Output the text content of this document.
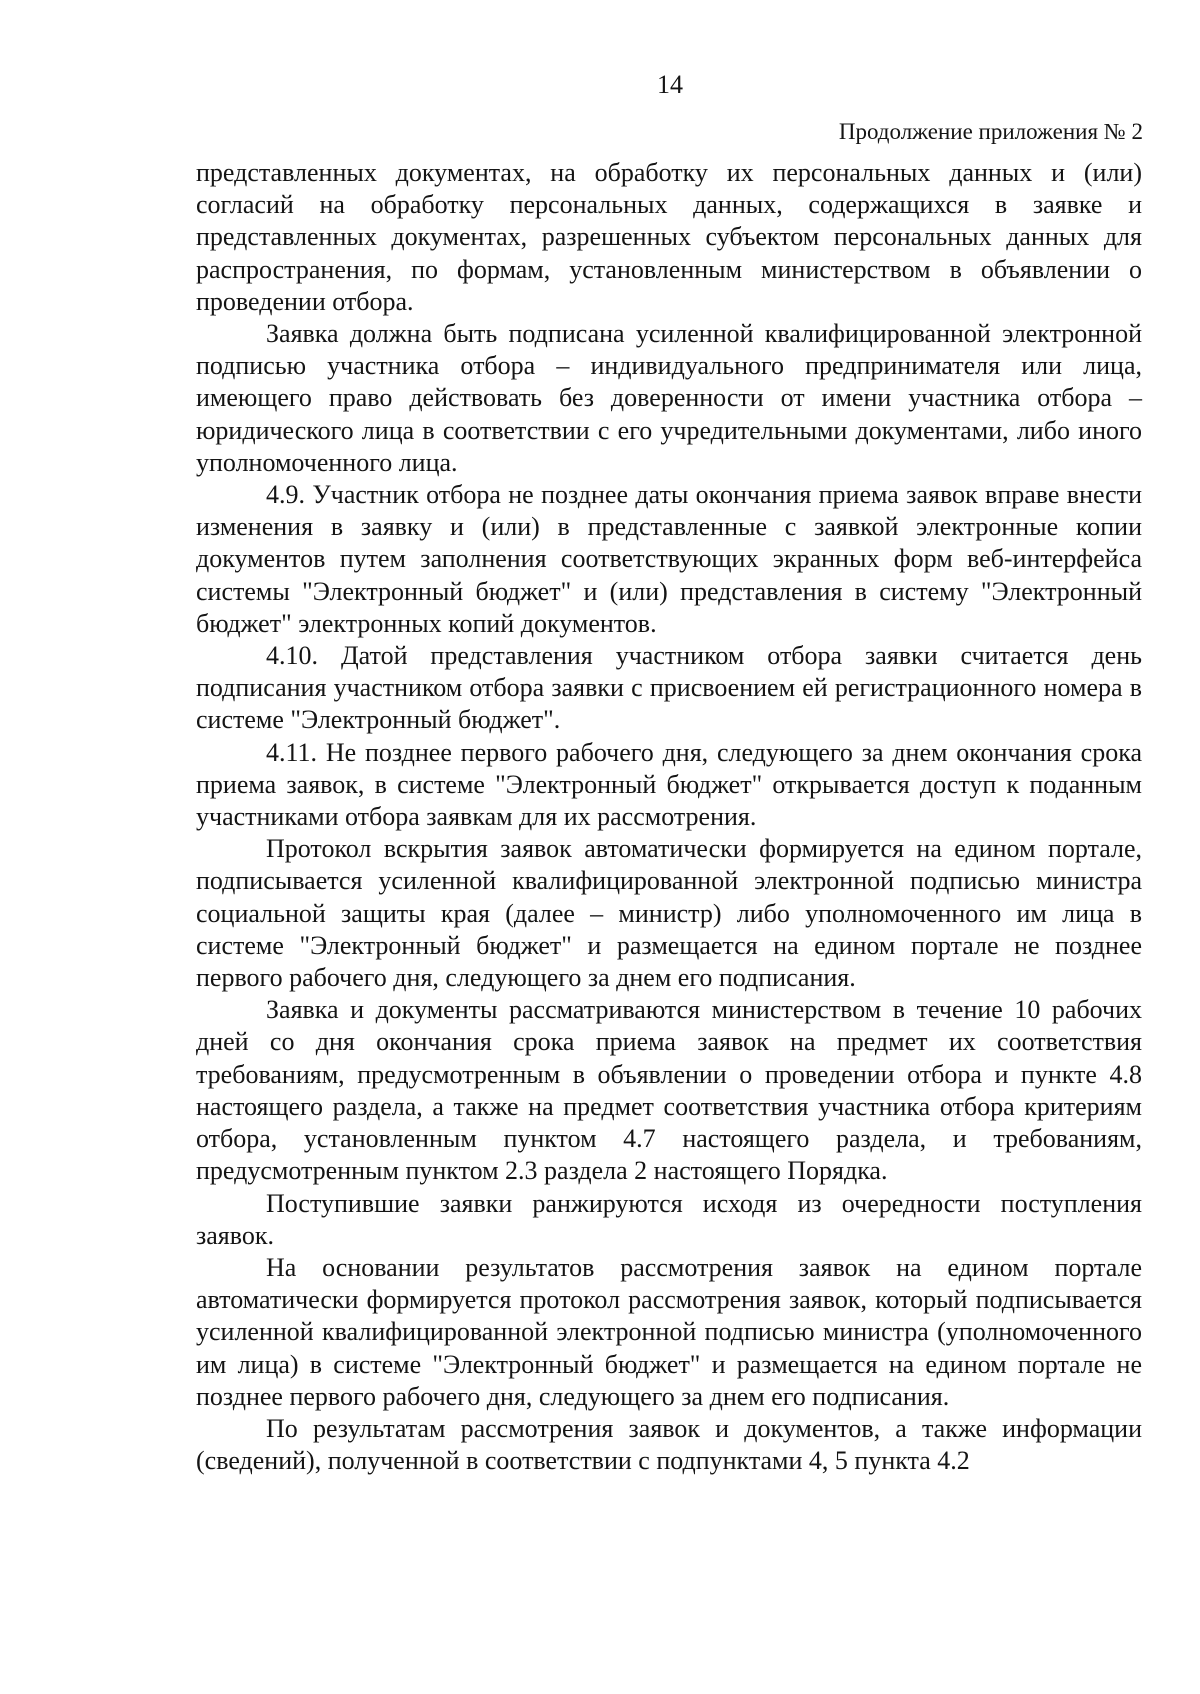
14
Продолжение приложения № 2

представленных документах, на обработку их персональных данных и (или) согласий на обработку персональных данных, содержащихся в заявке и представленных документах, разрешенных субъектом персональных данных для распространения, по формам, установленным министерством в объявлении о проведении отбора.

Заявка должна быть подписана усиленной квалифицированной электронной подписью участника отбора – индивидуального предпринимателя или лица, имеющего право действовать без доверенности от имени участника отбора – юридического лица в соответствии с его учредительными документами, либо иного уполномоченного лица.

4.9. Участник отбора не позднее даты окончания приема заявок вправе внести изменения в заявку и (или) в представленные с заявкой электронные копии документов путем заполнения соответствующих экранных форм веб-интерфейса системы "Электронный бюджет" и (или) представления в систему "Электронный бюджет" электронных копий документов.

4.10. Датой представления участником отбора заявки считается день подписания участником отбора заявки с присвоением ей регистрационного номера в системе "Электронный бюджет".

4.11. Не позднее первого рабочего дня, следующего за днем окончания срока приема заявок, в системе "Электронный бюджет" открывается доступ к поданным участниками отбора заявкам для их рассмотрения.

Протокол вскрытия заявок автоматически формируется на едином портале, подписывается усиленной квалифицированной электронной подписью министра социальной защиты края (далее – министр) либо уполномоченного им лица в системе "Электронный бюджет" и размещается на едином портале не позднее первого рабочего дня, следующего за днем его подписания.

Заявка и документы рассматриваются министерством в течение 10 рабочих дней со дня окончания срока приема заявок на предмет их соответствия требованиям, предусмотренным в объявлении о проведении отбора и пункте 4.8 настоящего раздела, а также на предмет соответствия участника отбора критериям отбора, установленным пунктом 4.7 настоящего раздела, и требованиям, предусмотренным пунктом 2.3 раздела 2 настоящего Порядка.

Поступившие заявки ранжируются исходя из очередности поступления заявок.

На основании результатов рассмотрения заявок на едином портале автоматически формируется протокол рассмотрения заявок, который подписывается усиленной квалифицированной электронной подписью министра (уполномоченного им лица) в системе "Электронный бюджет" и размещается на едином портале не позднее первого рабочего дня, следующего за днем его подписания.

По результатам рассмотрения заявок и документов, а также информации (сведений), полученной в соответствии с подпунктами 4, 5 пункта 4.2
